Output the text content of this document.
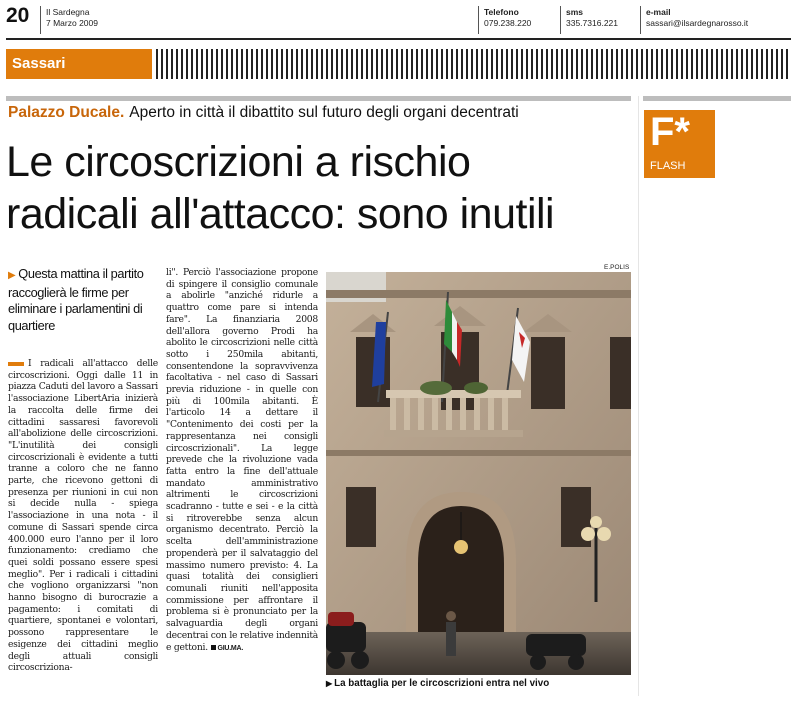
20 Il Sardegna
7 Marzo 2009
Telefono
079.238.220
sms
335.7316.221
e-mail
sassari@ilsardegnarosso.it
Sassari
Palazzo Ducale. Aperto in città il dibattito sul futuro degli organi decentrati
Le circoscrizioni a rischio
radicali all'attacco: sono inutili
F*
FLASH
▶ Questa mattina il partito raccoglierà le firme per eliminare i parlamentini di quartiere

I radicali all'attacco delle circoscrizioni. Oggi dalle 11 in piazza Caduti del lavoro a Sassari l'associazione LibertAria inizierà la raccolta delle firme dei cittadini sassaresi favorevoli all'abolizione delle circoscrizioni. "L'inutilità dei consigli circoscrizionali è evidente a tutti tranne a coloro che ne fanno parte, che ricevono gettoni di presenza per riunioni in cui non si decide nulla - spiega l'associazione in una nota - il comune di Sassari spende circa 400.000 euro l'anno per il loro funzionamento: crediamo che quei soldi possano essere spesi meglio". Per i radicali i cittadini che vogliono organizzarsi "non hanno bisogno di burocrazie a pagamento: i comitati di quartiere, spontanei e volontari, possono rappresentare le esigenze dei cittadini meglio degli attuali consigli circoscriziona-

li". Perciò l'associazione propone di spingere il consiglio comunale a abolirle "anziché ridurle a quattro come pare si intenda fare". La finanziaria 2008 dell'allora governo Prodi ha abolito le circoscrizioni nelle città sotto i 250mila abitanti, consentendone la sopravvivenza facoltativa - nel caso di Sassari previa riduzione - in quelle con più di 100mila abitanti. È l'articolo 14 a dettare il "Contenimento dei costi per la rappresentanza nei consigli circoscrizionali". La legge prevede che la rivoluzione vada fatta entro la fine dell'attuale mandato amministrativo altrimenti le circoscrizioni scadranno - tutte e sei - e la città si ritroverebbe senza alcun organismo decentrato. Perciò la scelta dell'amministrazione propenderà per il salvataggio del massimo numero previsto: 4. La quasi totalità dei consiglieri comunali riuniti nell'apposita commissione per affrontare il problema si è pronunciato per la salvaguardia degli organi decentrai con le relative indennità e gettoni. GIU.MA.

E.POLIS
▶ La battaglia per le circoscrizioni entra nel vivo
